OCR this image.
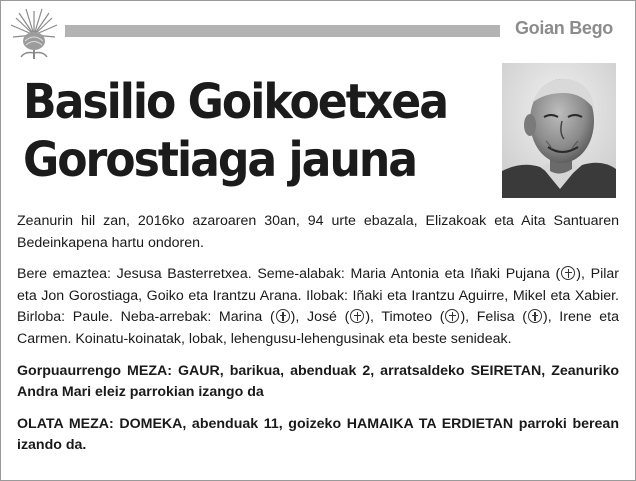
Goian Bego
Basilio Goikoetxea
Gorostiaga jauna

Zeanurin hil zan, 2016ko azaroaren 30an, 94 urte ebazala, Elizakoak eta Aita Santuaren Bedeinkapena hartu ondoren.

Bere emaztea: Jesusa Basterretxea. Seme-alabak: Maria Antonia eta Iñaki Pujana ( ), Pilar eta Jon Gorostiaga, Goiko eta Irantzu Arana. Ilobak: Iñaki eta Irantzu Aguirre, Mikel eta Xabier. Birloba: Paule. Neba-arrebak: Marina ( ), José ( ), Timoteo ( ), Felisa ( ), Irene eta Carmen. Koinatu-koinatak, lobak, lehengusu-lehengusinak eta beste senideak.

Gorpuaurrengo MEZA: GAUR, barikua, abenduak 2, arratsaldeko SEIRETAN, Zeanuriko Andra Mari eleiz parrokian izango da

OLATA MEZA: DOMEKA, abenduak 11, goizeko HAMAIKA TA ERDIETAN parroki berean izando da.
